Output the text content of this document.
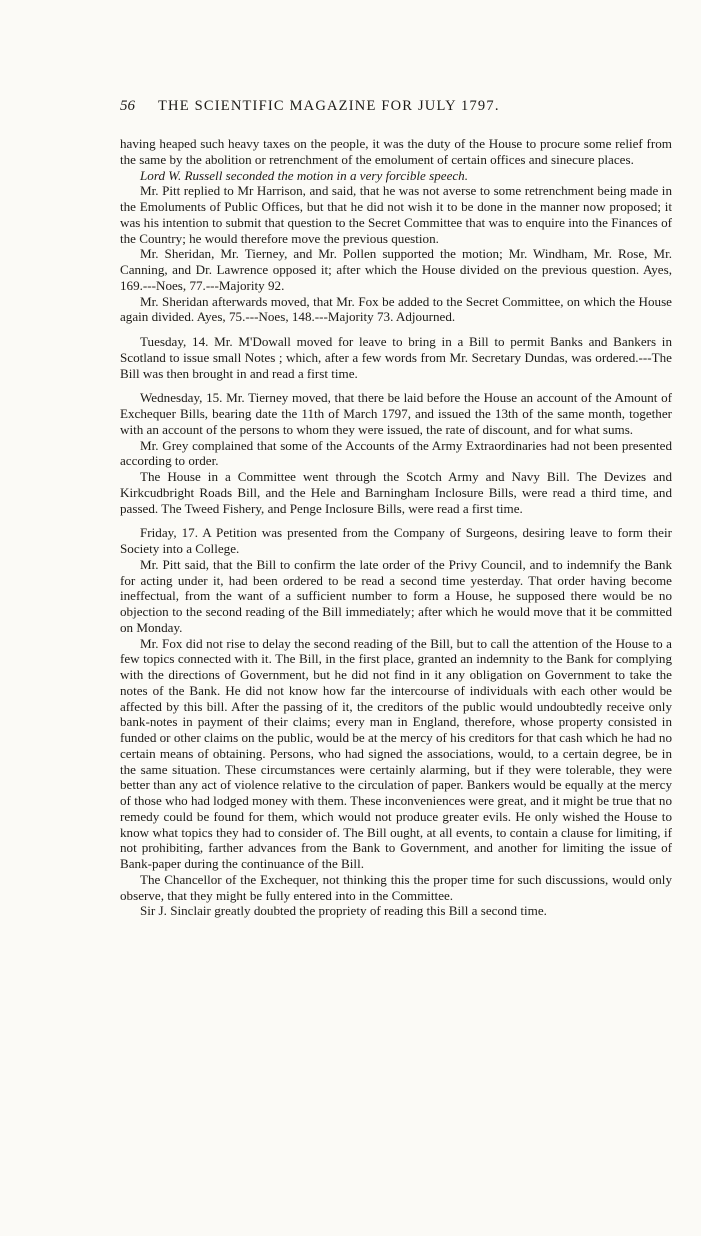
56	THE SCIENTIFIC MAGAZINE FOR JULY 1797.

having heaped such heavy taxes on the people, it was the duty of the House to procure some relief from the same by the abolition or retrenchment of the emolument of certain offices and sinecure places.

Lord W. Russell seconded the motion in a very forcible speech.

Mr. Pitt replied to Mr Harrison, and said, that he was not averse to some retrenchment being made in the Emoluments of Public Offices, but that he did not wish it to be done in the manner now proposed; it was his intention to submit that question to the Secret Committee that was to enquire into the Finances of the Country; he would therefore move the previous question.

Mr. Sheridan, Mr. Tierney, and Mr. Pollen supported the motion; Mr. Windham, Mr. Rose, Mr. Canning, and Dr. Lawrence opposed it; after which the House divided on the previous question. Ayes, 169.---Noes, 77.---Majority 92.

Mr. Sheridan afterwards moved, that Mr. Fox be added to the Secret Committee, on which the House again divided. Ayes, 75.---Noes, 148.---Majority 73. Adjourned.

Tuesday, 14. Mr. M'Dowall moved for leave to bring in a Bill to permit Banks and Bankers in Scotland to issue small Notes ; which, after a few words from Mr. Secretary Dundas, was ordered.---The Bill was then brought in and read a first time.

Wednesday, 15. Mr. Tierney moved, that there be laid before the House an account of the Amount of Exchequer Bills, bearing date the 11th of March 1797, and issued the 13th of the same month, together with an account of the persons to whom they were issued, the rate of discount, and for what sums.

Mr. Grey complained that some of the Accounts of the Army Extraordinaries had not been presented according to order.

The House in a Committee went through the Scotch Army and Navy Bill. The Devizes and Kirkcudbright Roads Bill, and the Hele and Barningham Inclosure Bills, were read a third time, and passed. The Tweed Fishery, and Penge Inclosure Bills, were read a first time.

Friday, 17. A Petition was presented from the Company of Surgeons, desiring leave to form their Society into a College.

Mr. Pitt said, that the Bill to confirm the late order of the Privy Council, and to indemnify the Bank for acting under it, had been ordered to be read a second time yesterday. That order having become ineffectual, from the want of a sufficient number to form a House, he supposed there would be no objection to the second reading of the Bill immediately; after which he would move that it be committed on Monday.

Mr. Fox did not rise to delay the second reading of the Bill, but to call the attention of the House to a few topics connected with it. The Bill, in the first place, granted an indemnity to the Bank for complying with the directions of Government, but he did not find in it any obligation on Government to take the notes of the Bank. He did not know how far the intercourse of individuals with each other would be affected by this bill. After the passing of it, the creditors of the public would undoubtedly receive only bank-notes in payment of their claims; every man in England, therefore, whose property consisted in funded or other claims on the public, would be at the mercy of his creditors for that cash which he had no certain means of obtaining. Persons, who had signed the associations, would, to a certain degree, be in the same situation. These circumstances were certainly alarming, but if they were tolerable, they were better than any act of violence relative to the circulation of paper. Bankers would be equally at the mercy of those who had lodged money with them. These inconveniences were great, and it might be true that no remedy could be found for them, which would not produce greater evils. He only wished the House to know what topics they had to consider of. The Bill ought, at all events, to contain a clause for limiting, if not prohibiting, farther advances from the Bank to Government, and another for limiting the issue of Bank-paper during the continuance of the Bill.

The Chancellor of the Exchequer, not thinking this the proper time for such discussions, would only observe, that they might be fully entered into in the Committee.

Sir J. Sinclair greatly doubted the propriety of reading this Bill a second time.
